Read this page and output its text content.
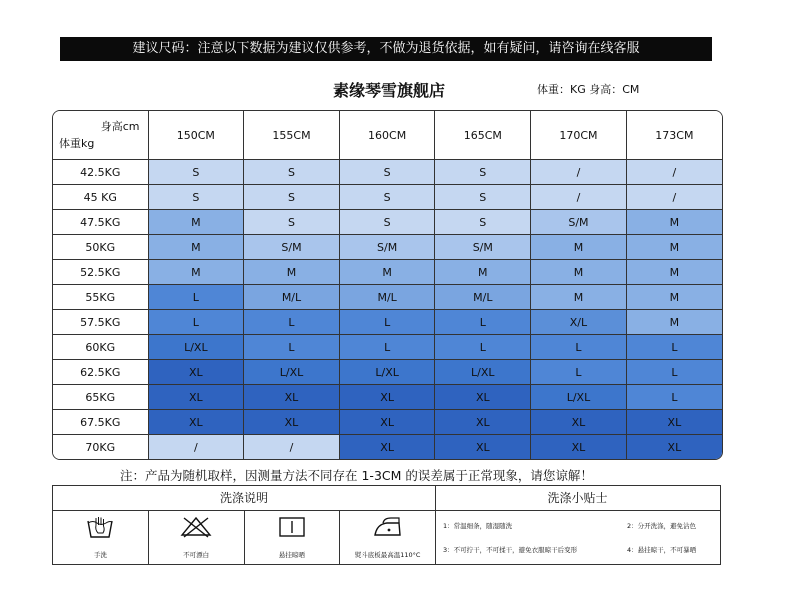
建议尺码：注意以下数据为建议仅供参考，不做为退货依据，如有疑问，请咨询在线客服
素缘琴雪旗舰店	体重：KG 身高：CM
身高cm
体重kg	150CM	155CM	160CM	165CM	170CM	173CM
42.5KG	S	S	S	S	/	/
45 KG	S	S	S	S	/	/
47.5KG	M	S	S	S	S/M	M
50KG	M	S/M	S/M	S/M	M	M
52.5KG	M	M	M	M	M	M
55KG	L	M/L	M/L	M/L	M	M
57.5KG	L	L	L	L	X/L	M
60KG	L/XL	L	L	L	L	L
62.5KG	XL	L/XL	L/XL	L/XL	L	L
65KG	XL	XL	XL	XL	L/XL	L
67.5KG	XL	XL	XL	XL	XL	XL
70KG	/	/	XL	XL	XL	XL
注：产品为随机取样，因测量方法不同存在 1-3CM 的误差属于正常现象，请您谅解！
洗涤说明
手洗	不可漂白	悬挂晾晒	熨斗底板最高温110°C
洗涤小贴士
1：常温细条，随湿随洗	2：分开洗涤，避免沾色
3：不可拧干，不可揉干，避免衣服晾干后变形	4：悬挂晾干，不可暴晒
